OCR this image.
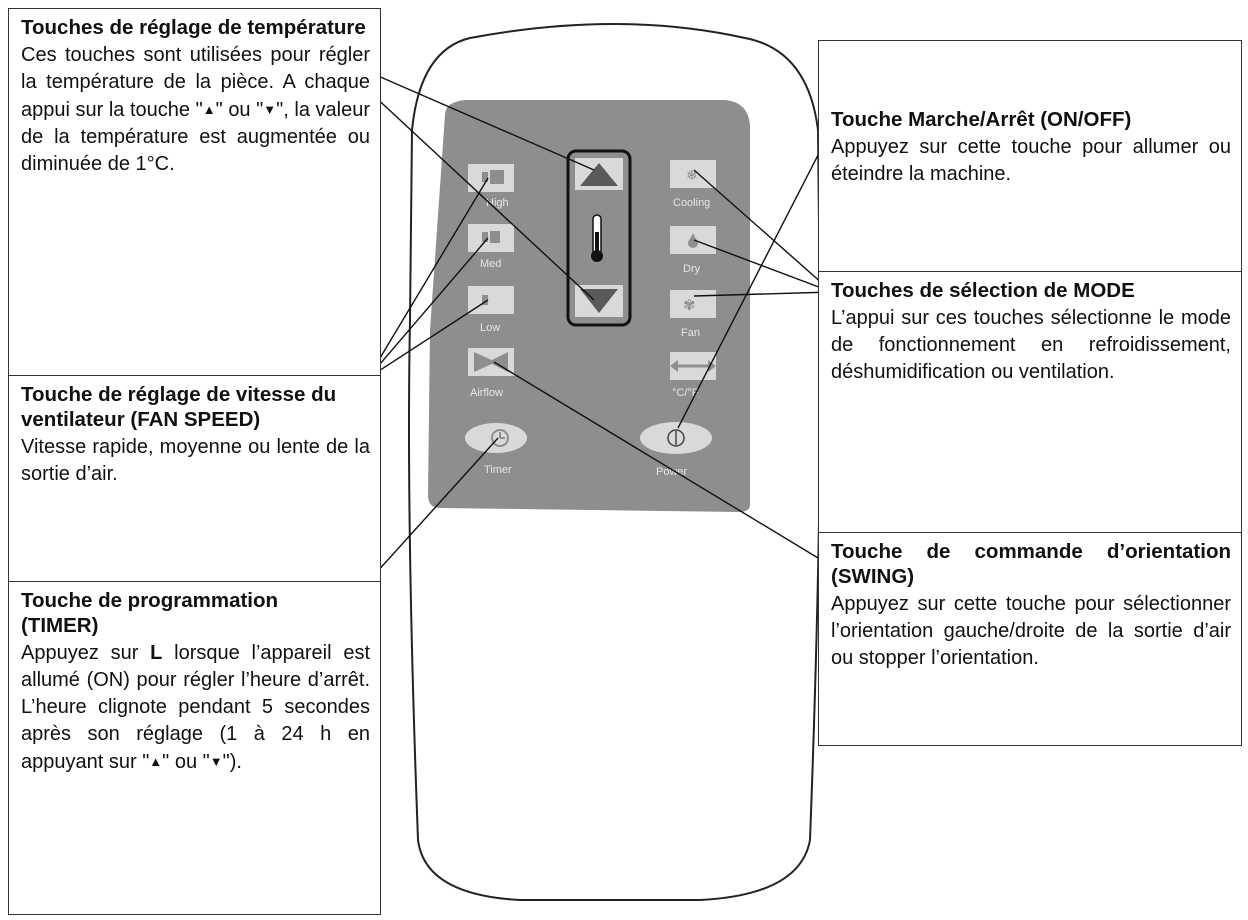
High
Med
Low
Airflow
Timer
❄
Cooling
Dry
✾
Fan
°C/°F
Power
Touches de réglage de température

Ces touches sont utilisées pour régler la température de la pièce. A chaque appui sur la touche "▲" ou "▼", la valeur de la température est augmentée ou diminuée de 1°C.

Touche de réglage de vitesse du ventilateur (FAN SPEED)

Vitesse rapide, moyenne ou lente de la sortie d’air.

Touche de programmation (TIMER)

Appuyez sur L lorsque l’appareil est allumé (ON) pour régler l’heure d’arrêt. L’heure clignote pendant 5 secondes après son réglage (1 à 24 h en appuyant sur "▲" ou "▼").

Touche Marche/Arrêt (ON/OFF)

Appuyez sur cette touche pour allumer ou éteindre la machine.

Touches de sélection de MODE

L’appui sur ces touches sélectionne le mode de fonctionnement en refroidissement, déshumidification ou ventilation.

Touche de commande d’orientation (SWING)

Appuyez sur cette touche pour sélectionner l’orientation gauche/droite de la sortie d’air ou stopper l’orientation.
